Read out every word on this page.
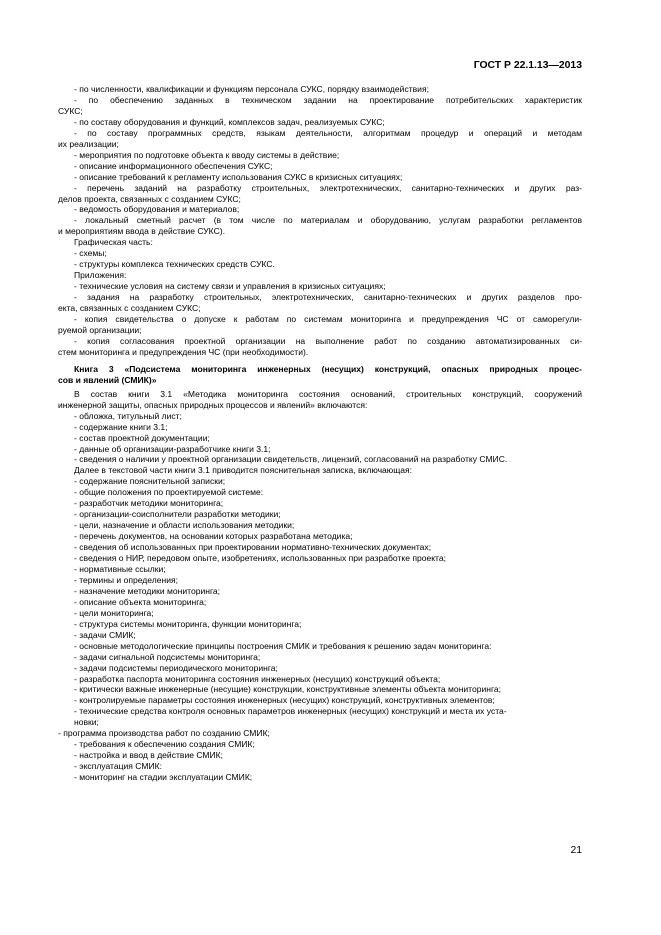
ГОСТ Р 22.1.13—2013
- по численности, квалификации и функциям персонала СУКС, порядку взаимодействия;
- по обеспечению заданных в техническом задании на проектирование потребительских характеристик
СУКС;
- по составу оборудования и функций, комплексов задач, реализуемых СУКС;
- по составу программных средств, языкам деятельности, алгоритмам процедур и операций и методам
их реализации;
- мероприятия по подготовке объекта к вводу системы в действие;
- описание информационного обеспечения СУКС;
- описание требований к регламенту использования СУКС в кризисных ситуациях;
- перечень заданий на разработку строительных, электротехнических, санитарно-технических и других раз-
делов проекта, связанных с созданием СУКС;
- ведомость оборудования и материалов;
- локальный сметный расчет (в том числе по материалам и оборудованию, услугам разработки регламентов
и мероприятиям ввода в действие СУКС).
Графическая часть:
- схемы;
- структуры комплекса технических средств СУКС.
Приложения:
- технические условия на систему связи и управления в кризисных ситуациях;
- задания на разработку строительных, электротехнических, санитарно-технических и других разделов про-
екта, связанных с созданием СУКС;
- копия свидетельства о допуске к работам по системам мониторинга и предупреждения ЧС от саморегули-
руемой организации;
- копия согласования проектной организации на выполнение работ по созданию автоматизированных си-
стем мониторинга и предупреждения ЧС (при необходимости).
Книга 3 «Подсистема мониторинга инженерных (несущих) конструкций, опасных природных процес-
сов и явлений (СМИК)»
В состав книги 3.1 «Методика мониторинга состояния оснований, строительных конструкций, сооружений
инженерной защиты, опасных природных процессов и явлений» включаются:
- обложка, титульный лист;
- содержание книги 3.1;
- состав проектной документации;
- данные об организации-разработчике книги 3.1;
- сведения о наличии у проектной организации свидетельств, лицензий, согласований на разработку СМИС.
Далее в текстовой части книги 3.1 приводится пояснительная записка, включающая:
- содержание пояснительной записки;
- общие положения по проектируемой системе:
- разработчик методики мониторинга;
- организации-соисполнители разработки методики;
- цели, назначение и области использования методики;
- перечень документов, на основании которых разработана методика;
- сведения об использованных при проектировании нормативно-технических документах;
- сведения о НИР, передовом опыте, изобретениях, использованных при разработке проекта;
- нормативные ссылки;
- термины и определения;
- назначение методики мониторинга;
- описание объекта мониторинга;
- цели мониторинга;
- структура системы мониторинга, функции мониторинга;
- задачи СМИК;
- основные методологические принципы построения СМИК и требования к решению задач мониторинга:
- задачи сигнальной подсистемы мониторинга;
- задачи подсистемы периодического мониторинга;
- разработка паспорта мониторинга состояния инженерных (несущих) конструкций объекта;
- критически важные инженерные (несущие) конструкции, конструктивные элементы объекта мониторинга;
- контролируемые параметры состояния инженерных (несущих) конструкций, конструктивных элементов;
- технические средства контроля основных параметров инженерных (несущих) конструкций и места их уста-
новки;
- программа производства работ по созданию СМИК;
- требования к обеспечению создания СМИК;
- настройка и ввод в действие СМИК;
- эксплуатация СМИК:
- мониторинг на стадии эксплуатации СМИК;
21
